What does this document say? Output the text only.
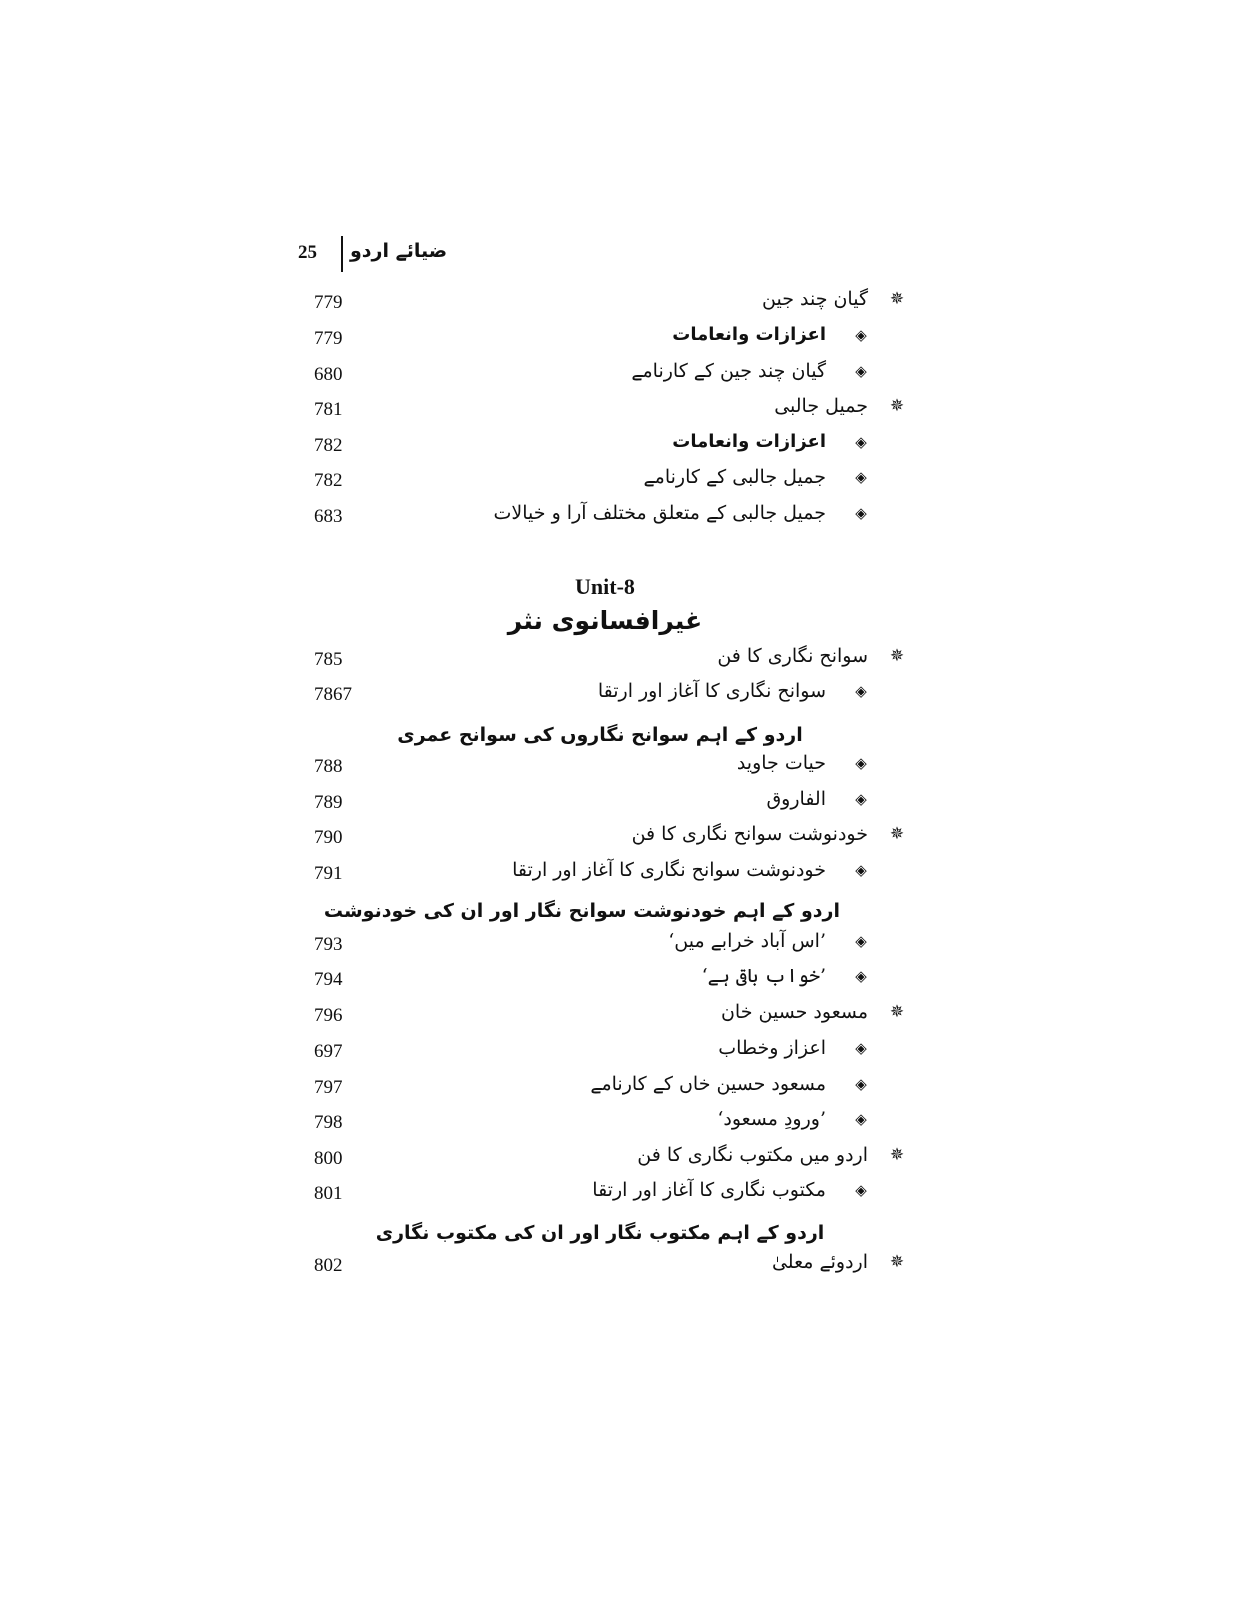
25 ضیائے اردو
779	✵
گیان چند جین
779	◈
اعزازات وانعامات
680	◈
گیان چند جین کے کارنامے
781	✵
جمیل جالبی
782	◈
اعزازات وانعامات
782	◈
جمیل جالبی کے کارنامے
683	◈
جمیل جالبی کے متعلق مختلف آرا و خیالات
Unit-8
غیرافسانوی نثر
785	✵
سوانح نگاری کا فن
7867	◈
سوانح نگاری کا آغاز اور ارتقا
اردو کے اہم سوانح نگاروں کی سوانح عمری
788	◈
حیات جاوید
789	◈
الفاروق
790	✵
خودنوشت سوانح نگاری کا فن
791	◈
خودنوشت سوانح نگاری کا آغاز اور ارتقا
اردو کے اہم خودنوشت سوانح نگار اور ان کی خودنوشت
793	◈
’اس آباد خرابے میں‘
794	◈
’خواب باقی ہے‘
796	✵
مسعود حسین خان
697	◈
اعزاز وخطاب
797	◈
مسعود حسین خاں کے کارنامے
798	◈
’ورودِ مسعود‘
800	✵
اردو میں مکتوب نگاری کا فن
801	◈
مکتوب نگاری کا آغاز اور ارتقا
اردو کے اہم مکتوب نگار اور ان کی مکتوب نگاری
802	✵
اردوئے معلیٰ
